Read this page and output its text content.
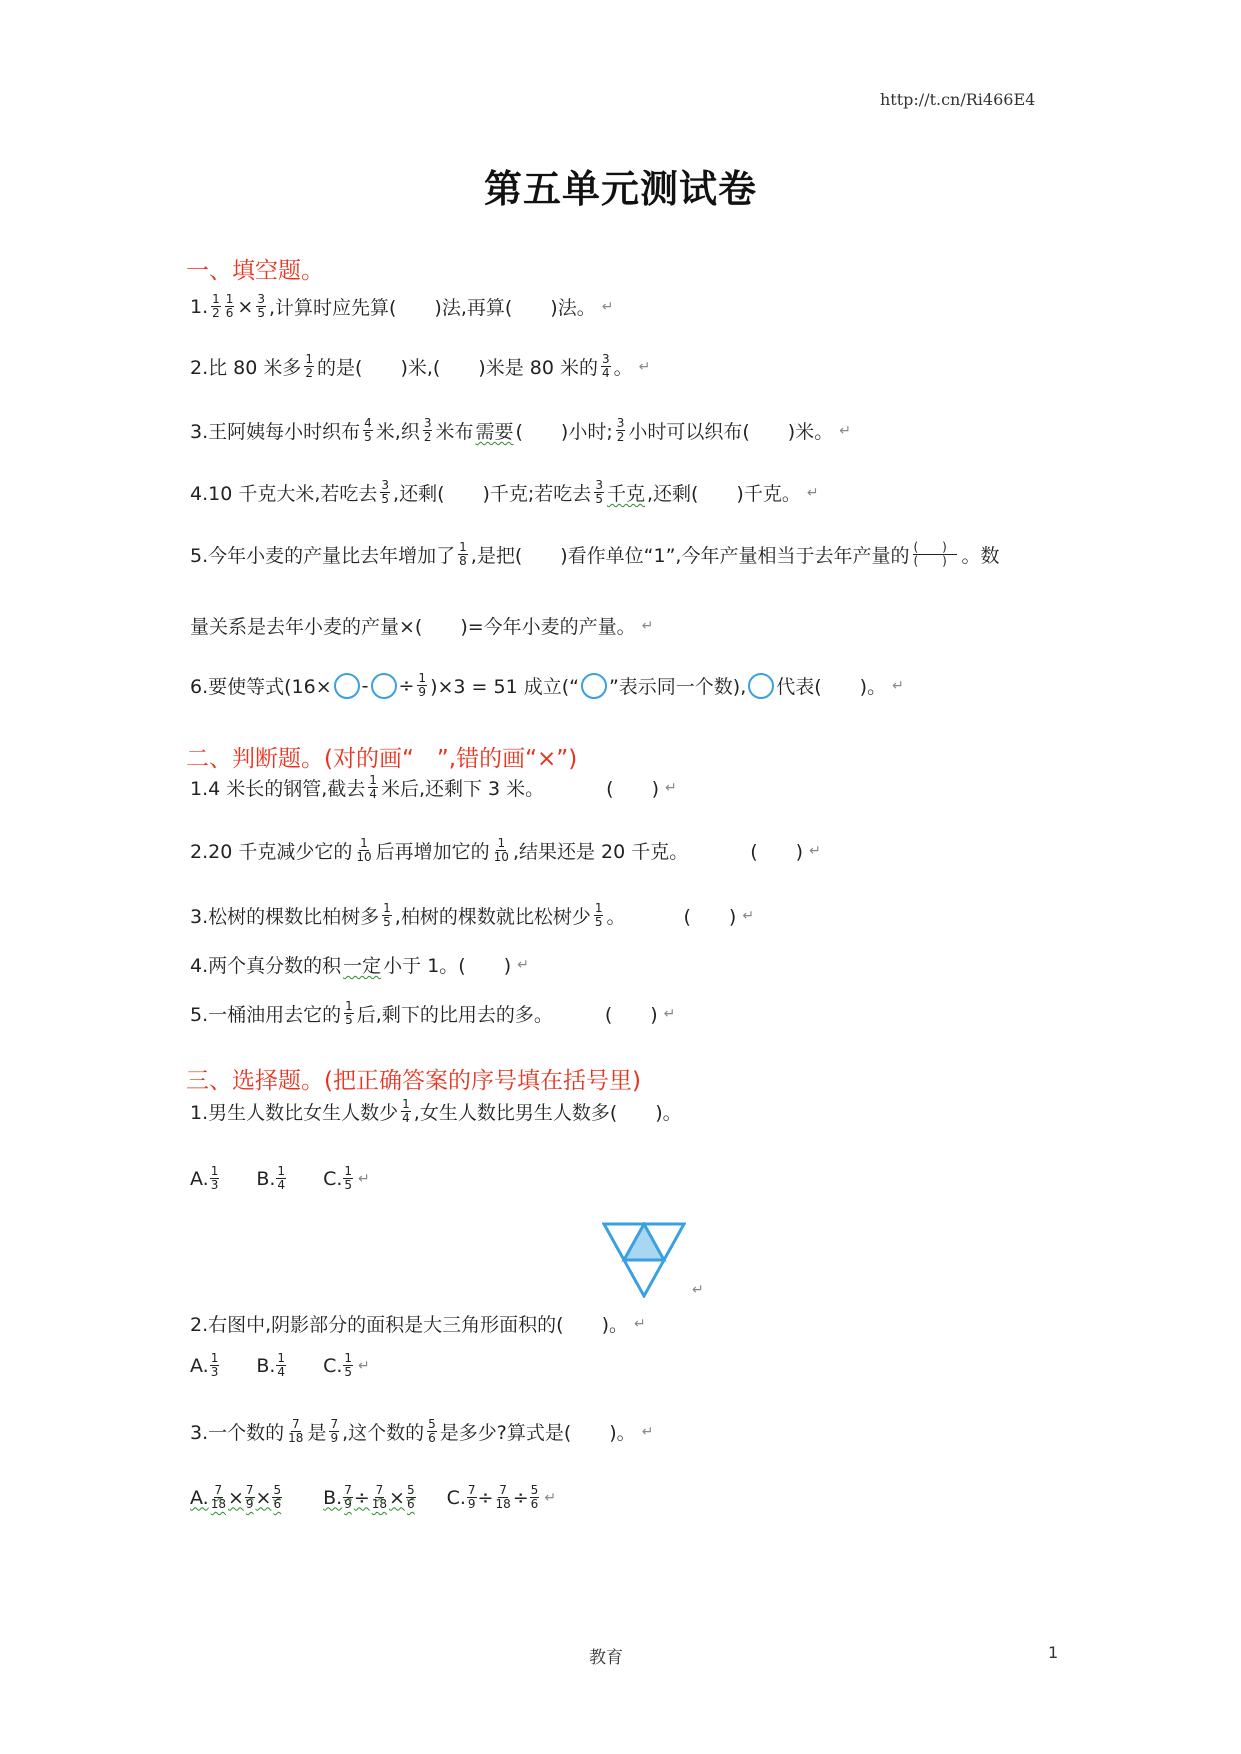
http://t.cn/Ri466E4
第五单元测试卷
一、填空题。
1. $\frac{1}{2} \frac{1}{6} \times \frac{3}{5}$ ,计算时应先算(　　)法,再算(　　)法。 ↵
2.比 80 米多 $\frac{1}{2}$ 的是(　　)米,(　　)米是 80 米的 $\frac{3}{4}$ 。 ↵
3.王阿姨每小时织布 $\frac{4}{5}$ 米,织 $\frac{3}{2}$ 米布 需要 (　　)小时; $\frac{3}{2}$ 小时可以织布(　　)米。 ↵
4.10 千克大米,若吃去 $\frac{3}{5}$ ,还剩(　　)千克;若吃去 $\frac{3}{5}$ 千克 ,还剩(　　)千克。 ↵
5.今年小麦的产量比去年增加了 $\frac{1}{8}$ ,是把(　　)看作单位“1”,今年产量相当于去年产量的 $\frac{( )}{( )}$ 。数
量关系是去年小麦的产量×(　　)=今年小麦的产量。 ↵
6.要使等式(16× - ÷ $\frac{1}{9} )\times 3 = 51$ 成立(“ ”表示同一个数), 代表(　　)。 ↵
二、判断题。(对的画“　”,错的画“×”)
1.4 米长的钢管,截去 $\frac{1}{4}$ 米后,还剩下 3 米。	(　　) ↵
2.20 千克减少它的 $\frac{1}{10}$ 后再增加它的 $\frac{1}{10}$ ,结果还是 20 千克。	(　　) ↵
3.松树的棵数比柏树多 $\frac{1}{5}$ ,柏树的棵数就比松树少 $\frac{1}{5}$ 。	(　　) ↵
4.两个真分数的积 一定 小于 1。(　　) ↵
5.一桶油用去它的 $\frac{1}{5}$ 后,剩下的比用去的多。	(　　) ↵
三、选择题。(把正确答案的序号填在括号里)
1.男生人数比女生人数少 $\frac{1}{4}$ ,女生人数比男生人数多(　　)。
A. $\frac{1}{3} B$. $\frac{1}{4} C$. $\frac{1}{5}$ ↵
↵
2.右图中,阴影部分的面积是大三角形面积的(　　)。 ↵
A. $\frac{1}{3} B$. $\frac{1}{4} C$. $\frac{1}{5}$ ↵
3.一个数的 $\frac{7}{18}$ 是 $\frac{7}{9}$ ,这个数的 $\frac{5}{6}$ 是多少?算式是(　　)。 ↵
A. $\frac{7}{18} \times \frac{7}{9} \times \frac{5}{6} B$. $\frac{7}{9} \div \frac{7}{18} \times \frac{5}{6} C$. $\frac{7}{9} \div \frac{7}{18} \div \frac{5}{6}$ ↵
教育	1
